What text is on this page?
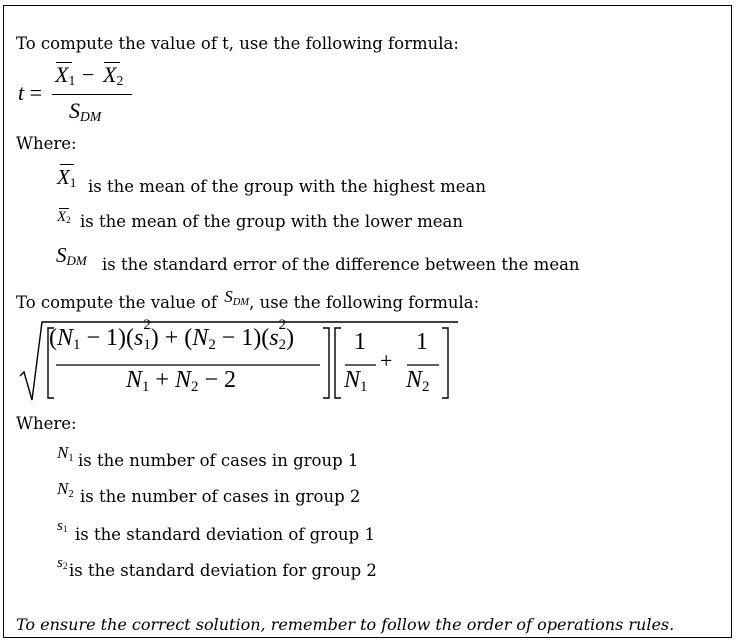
To compute the value of t, use the following formula:
t =
X1 − X2
SDM
Where:
X1 is the mean of the group with the highest mean
X2 is the mean of the group with the lower mean
SDM is the standard error of the difference between the mean
To compute the value of SDM, use the following formula:
(N1 − 1)(s 2
1) + (N2 − 1)(s 2
2)
N1 + N2 − 2
1
N1
+
1
N2
Where:
N1 is the number of cases in group 1
N2 is the number of cases in group 2
s1 is the standard deviation of group 1
s2 is the standard deviation for group 2
To ensure the correct solution, remember to follow the order of operations rules.
